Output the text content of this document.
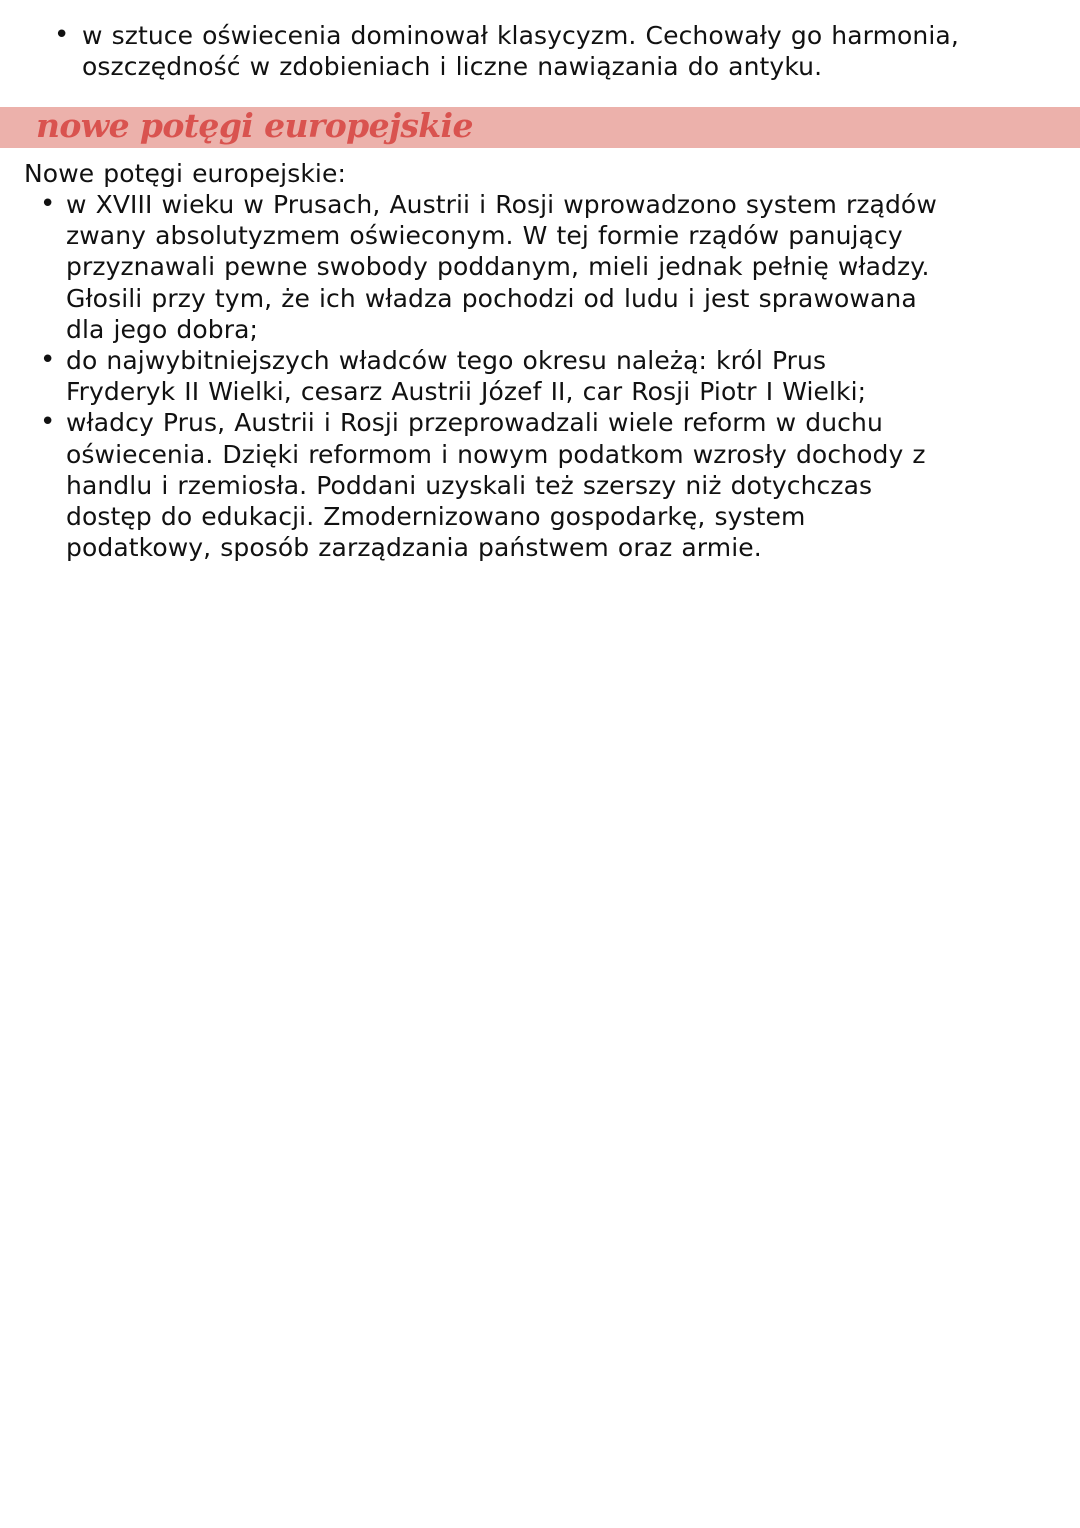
• w sztuce oświecenia dominował klasycyzm. Cechowały go harmonia,
oszczędność w zdobieniach i liczne nawiązania do antyku.
nowe potęgi europejskie
Nowe potęgi europejskie:
• w XVIII wieku w Prusach, Austrii i Rosji wprowadzono system rządów
zwany absolutyzmem oświeconym. W tej formie rządów panujący
przyznawali pewne swobody poddanym, mieli jednak pełnię władzy.
Głosili przy tym, że ich władza pochodzi od ludu i jest sprawowana
dla jego dobra;
• do najwybitniejszych władców tego okresu należą: król Prus
Fryderyk II Wielki, cesarz Austrii Józef II, car Rosji Piotr I Wielki;
• władcy Prus, Austrii i Rosji przeprowadzali wiele reform w duchu
oświecenia. Dzięki reformom i nowym podatkom wzrosły dochody z
handlu i rzemiosła. Poddani uzyskali też szerszy niż dotychczas
dostęp do edukacji. Zmodernizowano gospodarkę, system
podatkowy, sposób zarządzania państwem oraz armie.
